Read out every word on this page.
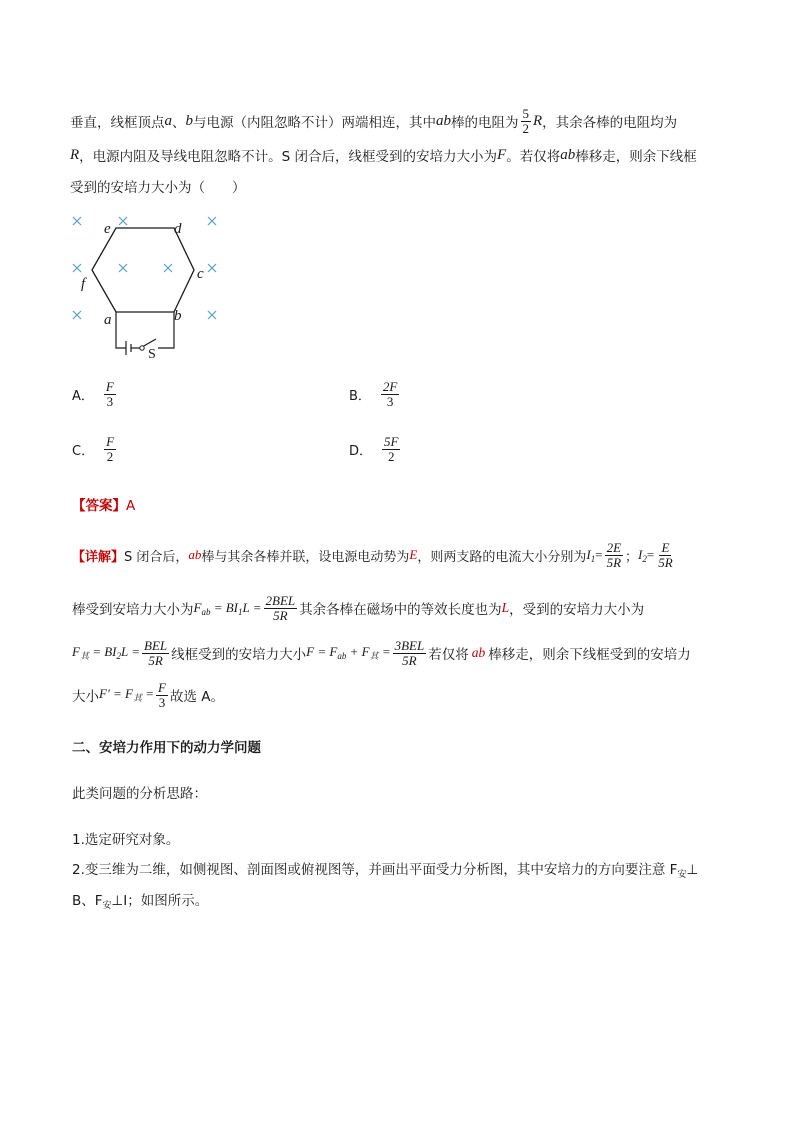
垂直，线框顶点 a 、 b 与电源（内阻忽略不计）两端相连，其中 ab 棒的电阻为 $\frac{5}{2}$ R ，其余各棒的电阻均为
R ，电源内阻及导线电阻忽略不计。S 闭合后，线框受到的安培力大小为 F 。若仅将 ab 棒移走，则余下线框
受到的安培力大小为（　　）
e	d
f
c
a	b
S
A． $\frac{F}{3}$	B． $\frac{2F}{3}$
C． $\frac{F}{2}$	D． $\frac{5F}{2}$
【答案】A
【详解】 S 闭合后， ab 棒与其余各棒并联，设电源电动势为 E ，则两支路的电流大小分别为 $I_1 = \frac{2E}{5R}$ ； $I_2 = \frac{E}{5R}$
棒受到安培力大小为 $F_{ab} = BI_1L = \frac{\text{2BEL}}{5R}$ 其余各棒在磁场中的等效长度也为 L ，受到的安培力大小为
$F_其 = BI_2L = \frac{\text{BEL}}{5R}$ 线框受到的安培力大小 $F = F_{ab} + F_其 = \frac{\text{3BEL}}{5R}$ 若仅将 ab 棒移走，则余下线框受到的安培力
大小 $F' = F_其 = \frac{F}{3}$ 故选 A。
二、安培力作用下的动力学问题
此类问题的分析思路：
1.选定研究对象。
2.变三维为二维，如侧视图、剖面图或俯视图等，并画出平面受力分析图，其中安培力的方向要注意 $F_安\perp$
B、$F_安\perp I$；如图所示。
